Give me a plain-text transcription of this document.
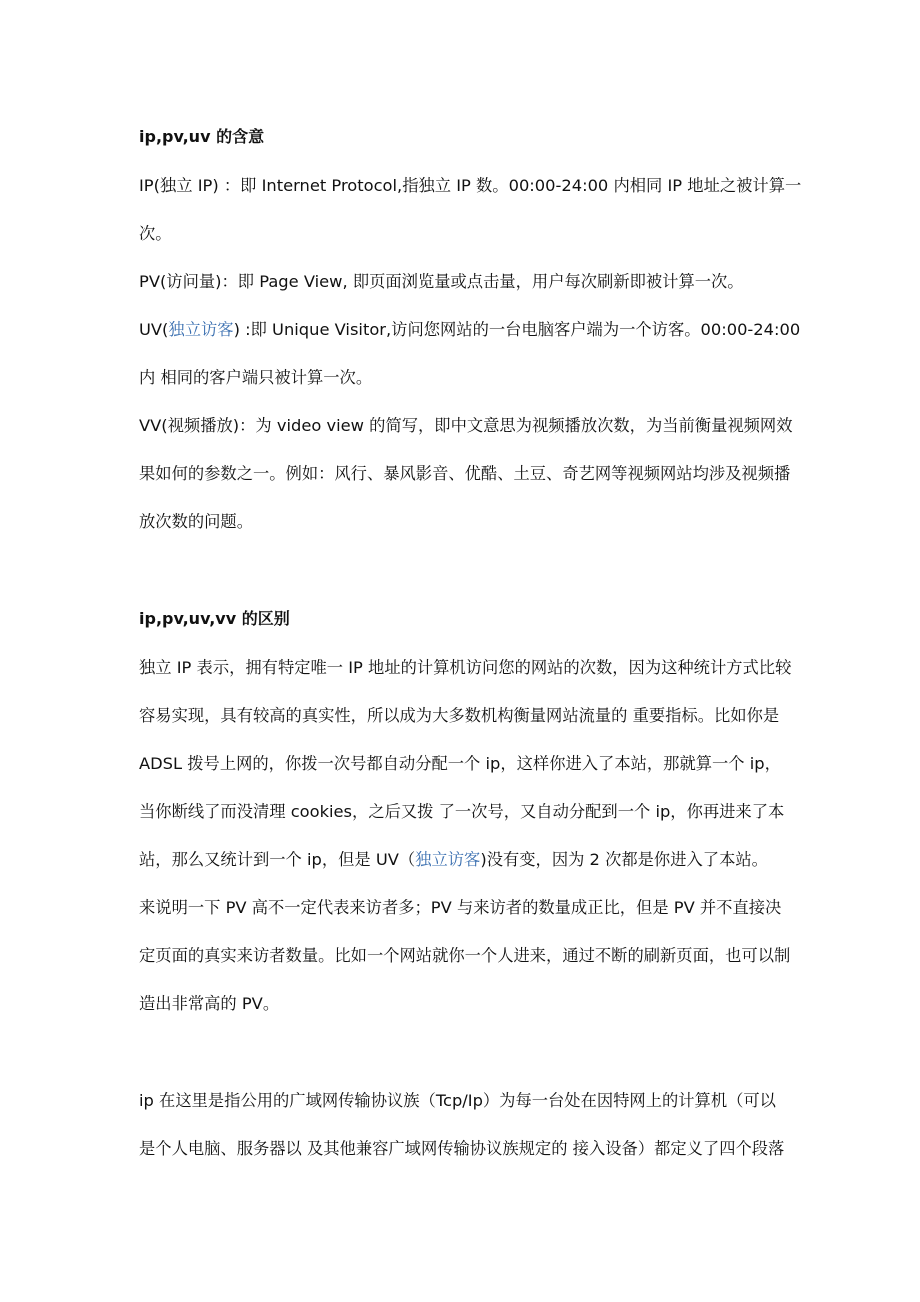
ip,pv,uv 的含意
IP(独立 IP) ：即 Internet Protocol,指独立 IP 数。00:00-24:00 内相同 IP 地址之被计算一
次。
PV(访问量)：即 Page View, 即页面浏览量或点击量，用户每次刷新即被计算一次。
UV(独立访客) :即 Unique Visitor,访问您网站的一台电脑客户端为一个访客。00:00-24:00
内 相同的客户端只被计算一次。
VV(视频播放)：为 video view 的简写，即中文意思为视频播放次数，为当前衡量视频网效
果如何的参数之一。例如：风行、暴风影音、优酷、土豆、奇艺网等视频网站均涉及视频播
放次数的问题。
ip,pv,uv,vv 的区别
独立 IP 表示，拥有特定唯一 IP 地址的计算机访问您的网站的次数，因为这种统计方式比较
容易实现，具有较高的真实性，所以成为大多数机构衡量网站流量的 重要指标。比如你是
ADSL 拨号上网的，你拨一次号都自动分配一个 ip，这样你进入了本站，那就算一个 ip，
当你断线了而没清理 cookies，之后又拨 了一次号，又自动分配到一个 ip，你再进来了本
站，那么又统计到一个 ip，但是 UV（独立访客)没有变，因为 2 次都是你进入了本站。
来说明一下 PV 高不一定代表来访者多；PV 与来访者的数量成正比，但是 PV 并不直接决
定页面的真实来访者数量。比如一个网站就你一个人进来，通过不断的刷新页面，也可以制
造出非常高的 PV。
ip 在这里是指公用的广域网传输协议族（Tcp/Ip）为每一台处在因特网上的计算机（可以
是个人电脑、服务器以 及其他兼容广域网传输协议族规定的 接入设备）都定义了四个段落
